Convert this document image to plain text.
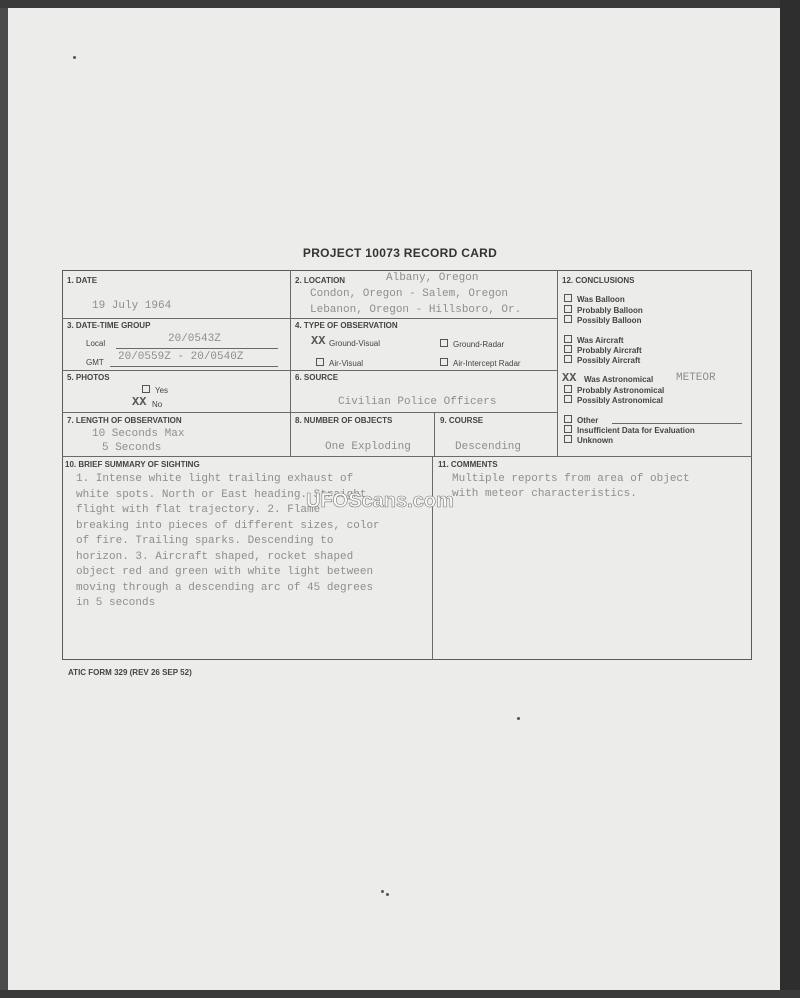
PROJECT 10073 RECORD CARD
1. DATE
19 July 1964
2. LOCATION	Albany, Oregon
Condon, Oregon - Salem, Oregon
Lebanon, Oregon - Hillsboro, Or.
3. DATE-TIME GROUP
Local	20/0543Z
GMT 20/0559Z - 20/0540Z
4. TYPE OF OBSERVATION
XX Ground-Visual	Ground-Radar
Air-Visual	Air-Intercept Radar
5. PHOTOS
Yes
XX No
6. SOURCE
Civilian Police Officers
7. LENGTH OF OBSERVATION
10 Seconds Max
5 Seconds
8. NUMBER OF OBJECTS
One Exploding
9. COURSE
Descending
12. CONCLUSIONS
Was Balloon
Probably Balloon
Possibly Balloon
Was Aircraft
Probably Aircraft
Possibly Aircraft
XX Was Astronomical METEOR
Probably Astronomical
Possibly Astronomical
Other
Insufficient Data for Evaluation
Unknown
10. BRIEF SUMMARY OF SIGHTING
1. Intense white light trailing exhaust of
white spots. North or East heading. Straight
flight with flat trajectory. 2. Flame
breaking into pieces of different sizes, color
of fire. Trailing sparks. Descending to
horizon. 3. Aircraft shaped, rocket shaped
object red and green with white light between
moving through a descending arc of 45 degrees
in 5 seconds
11. COMMENTS
Multiple reports from area of object
with meteor characteristics.
UFOScans.com
ATIC FORM 329 (REV 26 SEP 52)
